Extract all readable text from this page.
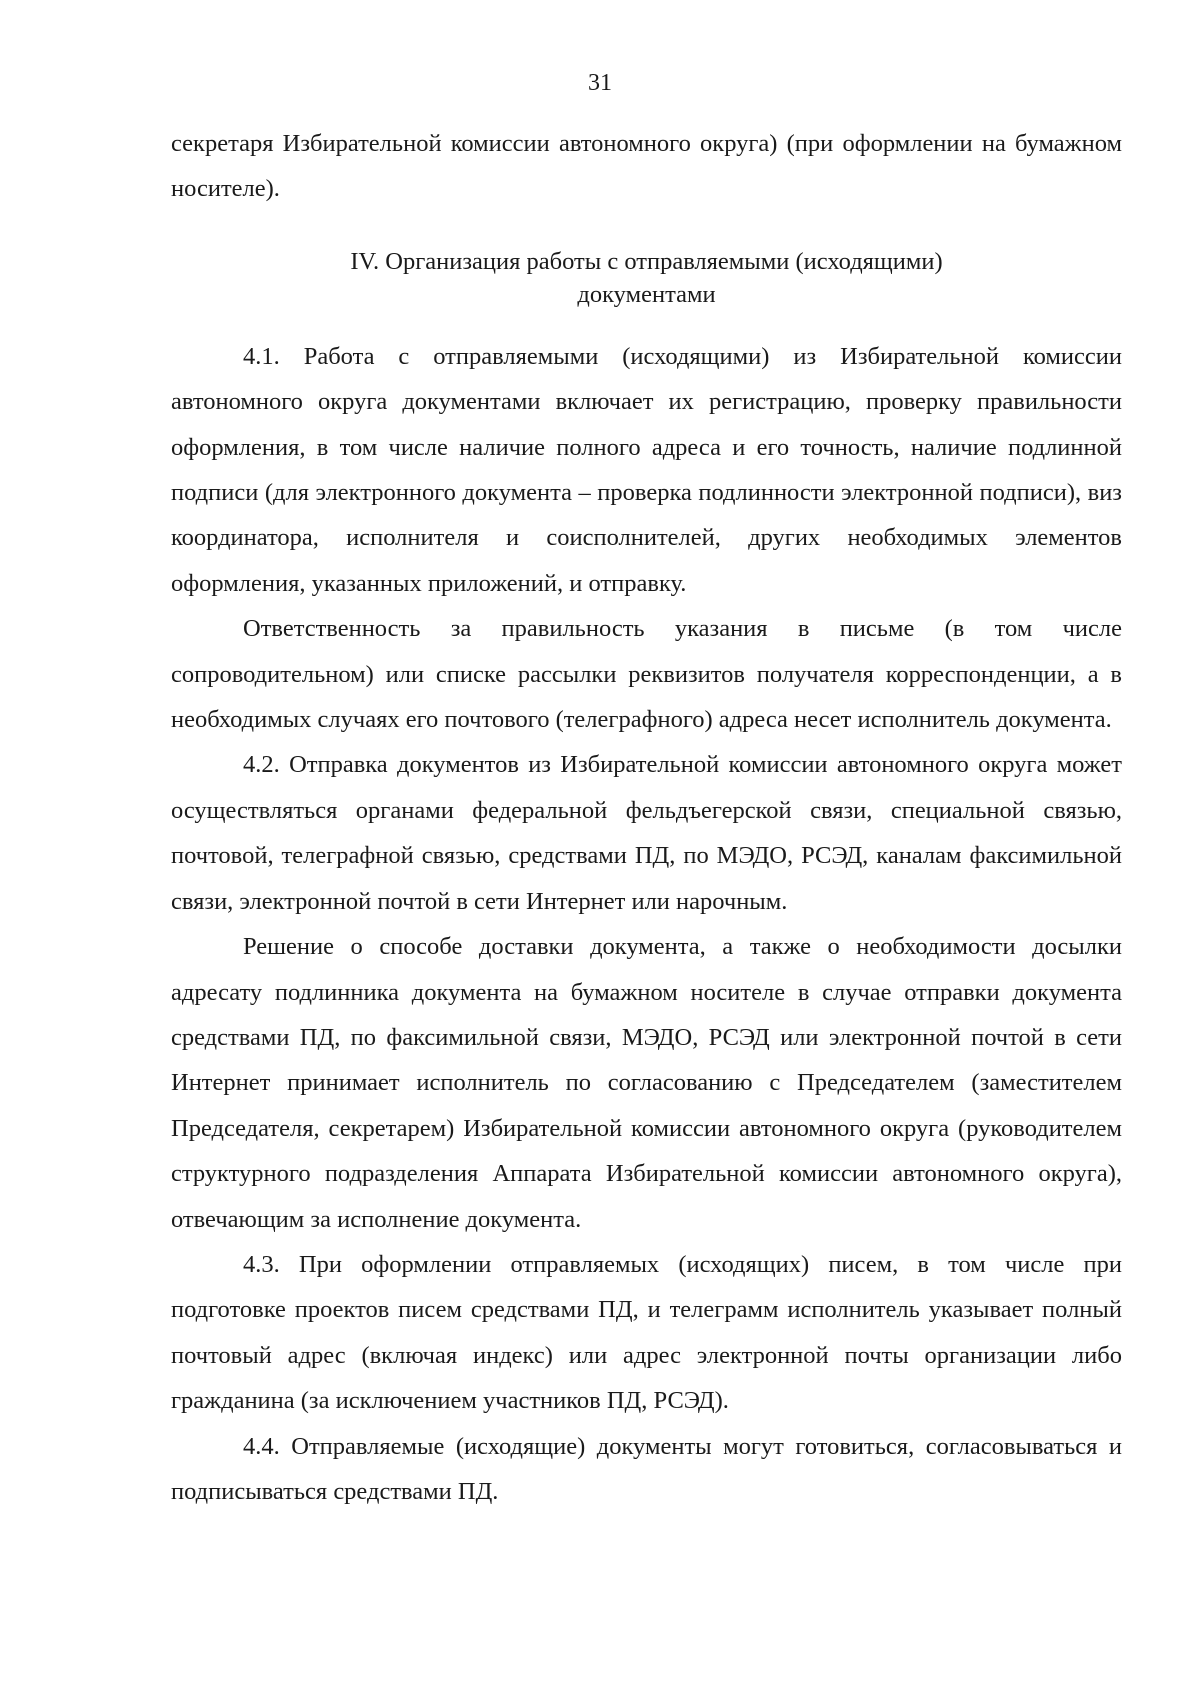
31

секретаря Избирательной комиссии автономного округа) (при оформлении на бумажном носителе).

IV. Организация работы с отправляемыми (исходящими)
документами

4.1. Работа с отправляемыми (исходящими) из Избирательной комиссии автономного округа документами включает их регистрацию, проверку правильности оформления, в том числе наличие полного адреса и его точность, наличие подлинной подписи (для электронного документа – проверка подлинности электронной подписи), виз координатора, исполнителя и соисполнителей, других необходимых элементов оформления, указанных приложений, и отправку.

Ответственность за правильность указания в письме (в том числе сопроводительном) или списке рассылки реквизитов получателя корреспонденции, а в необходимых случаях его почтового (телеграфного) адреса несет исполнитель документа.

4.2. Отправка документов из Избирательной комиссии автономного округа может осуществляться органами федеральной фельдъегерской связи, специальной связью, почтовой, телеграфной связью, средствами ПД, по МЭДО, РСЭД, каналам факсимильной связи, электронной почтой в сети Интернет или нарочным.

Решение о способе доставки документа, а также о необходимости досылки адресату подлинника документа на бумажном носителе в случае отправки документа средствами ПД, по факсимильной связи, МЭДО, РСЭД или электронной почтой в сети Интернет принимает исполнитель по согласованию с Председателем (заместителем Председателя, секретарем) Избирательной комиссии автономного округа (руководителем структурного подразделения Аппарата Избирательной комиссии автономного округа), отвечающим за исполнение документа.

4.3. При оформлении отправляемых (исходящих) писем, в том числе при подготовке проектов писем средствами ПД, и телеграмм исполнитель указывает полный почтовый адрес (включая индекс) или адрес электронной почты организации либо гражданина (за исключением участников ПД, РСЭД).

4.4. Отправляемые (исходящие) документы могут готовиться, согласовываться и подписываться средствами ПД.
